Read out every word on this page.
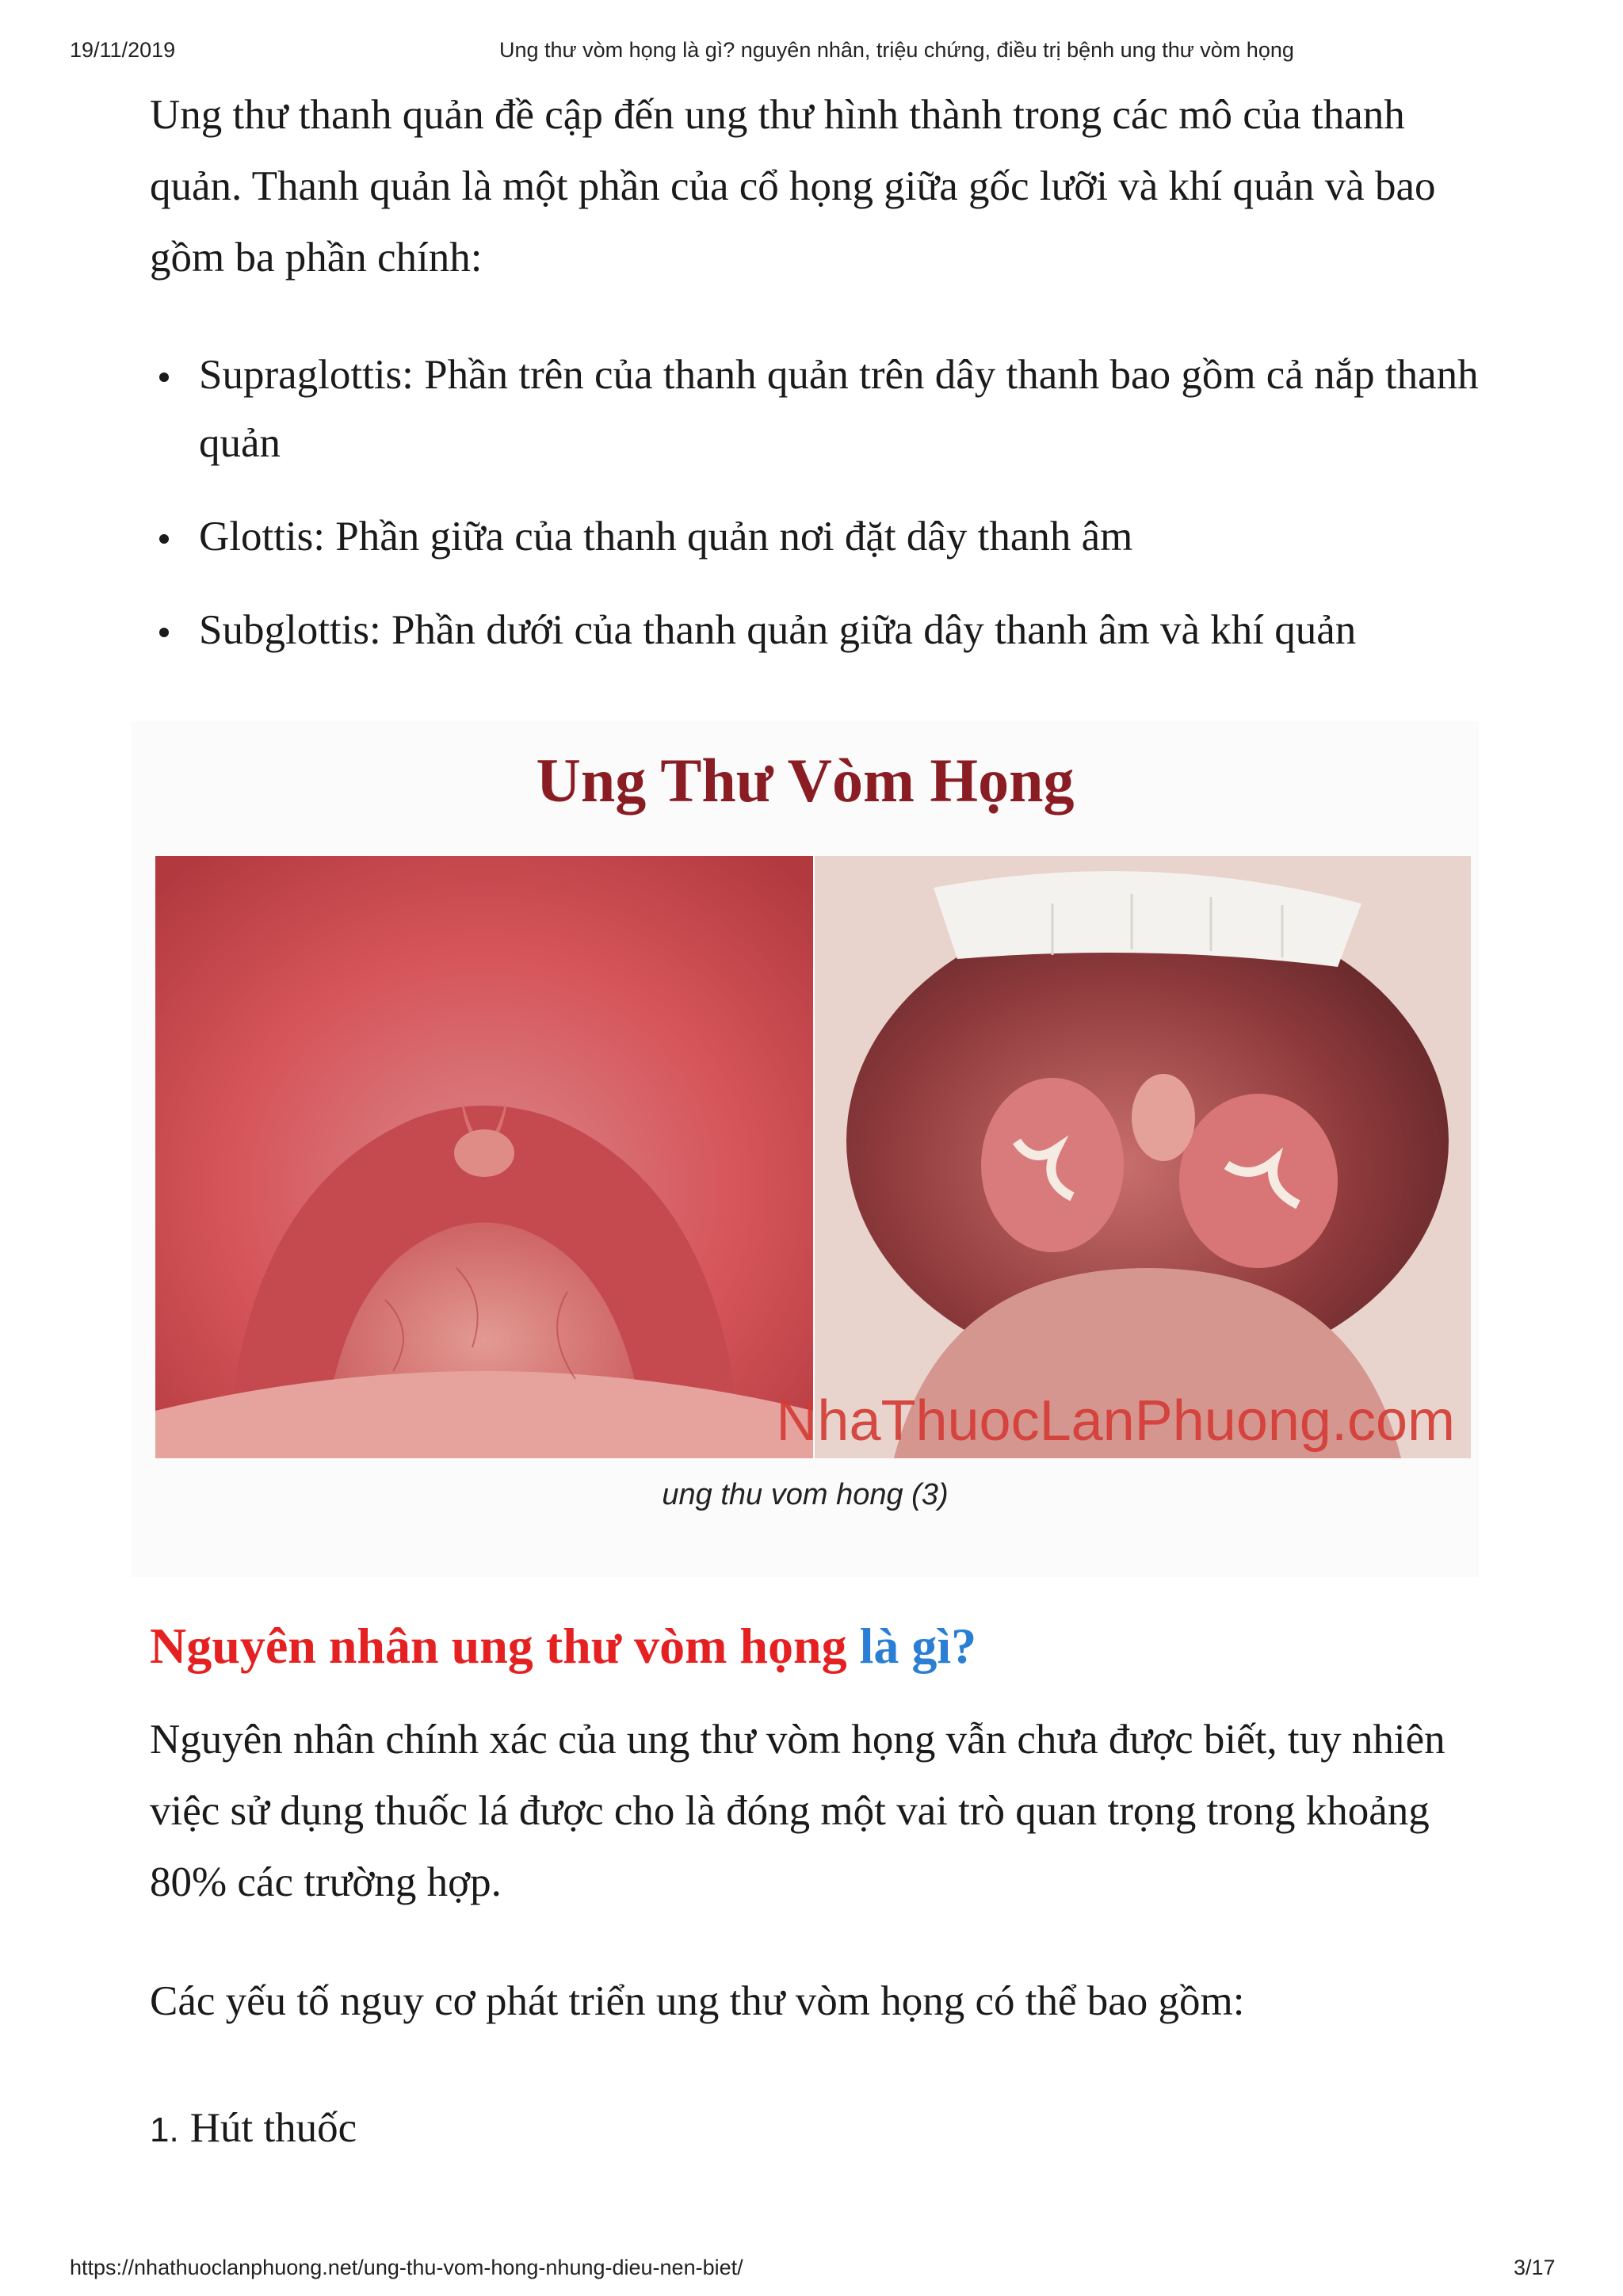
19/11/2019	Ung thư vòm họng là gì? nguyên nhân, triệu chứng, điều trị bệnh ung thư vòm họng

Ung thư thanh quản đề cập đến ung thư hình thành trong các mô của thanh quản. Thanh quản là một phần của cổ họng giữa gốc lưỡi và khí quản và bao gồm ba phần chính:

Supraglottis: Phần trên của thanh quản trên dây thanh bao gồm cả nắp thanh quản
Glottis: Phần giữa của thanh quản nơi đặt dây thanh âm
Subglottis: Phần dưới của thanh quản giữa dây thanh âm và khí quản
Ung Thư Vòm Họng
NhaThuocLanPhuong.com
ung thu vom hong (3)
Nguyên nhân ung thư vòm họng là gì?

Nguyên nhân chính xác của ung thư vòm họng vẫn chưa được biết, tuy nhiên việc sử dụng thuốc lá được cho là đóng một vai trò quan trọng trong khoảng 80% các trường hợp.

Các yếu tố nguy cơ phát triển ung thư vòm họng có thể bao gồm:

1. Hút thuốc
https://nhathuoclanphuong.net/ung-thu-vom-hong-nhung-dieu-nen-biet/	3/17
